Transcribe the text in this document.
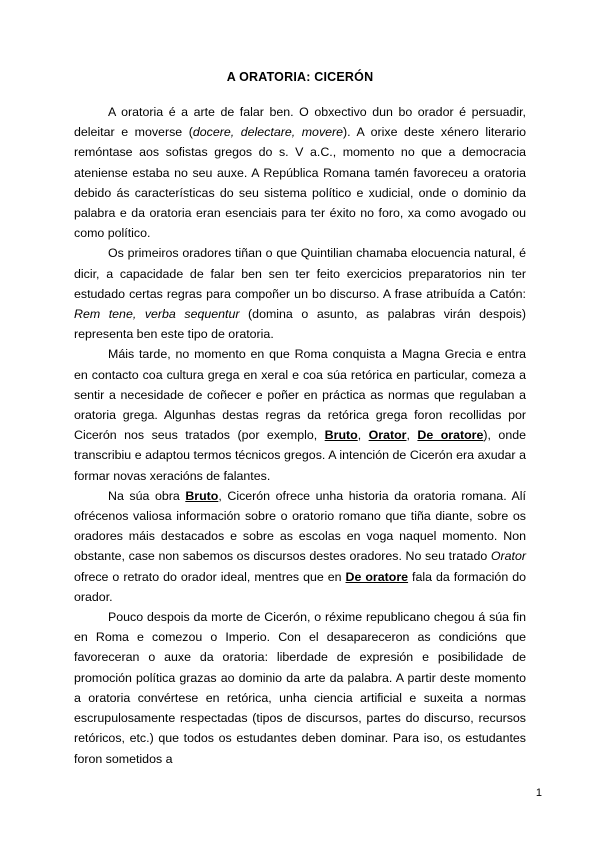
A ORATORIA: CICERÓN

A oratoria é a arte de falar ben. O obxectivo dun bo orador é persuadir, deleitar e moverse (docere, delectare, movere). A orixe deste xénero literario remóntase aos sofistas gregos do s. V a.C., momento no que a democracia ateniense estaba no seu auxe. A República Romana tamén favoreceu a oratoria debido ás características do seu sistema político e xudicial, onde o dominio da palabra e da oratoria eran esenciais para ter éxito no foro, xa como avogado ou como político.

Os primeiros oradores tiñan o que Quintilian chamaba elocuencia natural, é dicir, a capacidade de falar ben sen ter feito exercicios preparatorios nin ter estudado certas regras para compoñer un bo discurso. A frase atribuída a Catón: Rem tene, verba sequentur (domina o asunto, as palabras virán despois) representa ben este tipo de oratoria.

Máis tarde, no momento en que Roma conquista a Magna Grecia e entra en contacto coa cultura grega en xeral e coa súa retórica en particular, comeza a sentir a necesidade de coñecer e poñer en práctica as normas que regulaban a oratoria grega. Algunhas destas regras da retórica grega foron recollidas por Cicerón nos seus tratados (por exemplo, Bruto, Orator, De oratore), onde transcribiu e adaptou termos técnicos gregos. A intención de Cicerón era axudar a formar novas xeracións de falantes.

Na súa obra Bruto, Cicerón ofrece unha historia da oratoria romana. Alí ofrécenos valiosa información sobre o oratorio romano que tiña diante, sobre os oradores máis destacados e sobre as escolas en voga naquel momento. Non obstante, case non sabemos os discursos destes oradores. No seu tratado Orator ofrece o retrato do orador ideal, mentres que en De oratore fala da formación do orador.

Pouco despois da morte de Cicerón, o réxime republicano chegou á súa fin en Roma e comezou o Imperio. Con el desapareceron as condicións que favoreceran o auxe da oratoria: liberdade de expresión e posibilidade de promoción política grazas ao dominio da arte da palabra. A partir deste momento a oratoria convértese en retórica, unha ciencia artificial e suxeita a normas escrupulosamente respectadas (tipos de discursos, partes do discurso, recursos retóricos, etc.) que todos os estudantes deben dominar. Para iso, os estudantes foron sometidos a

1
